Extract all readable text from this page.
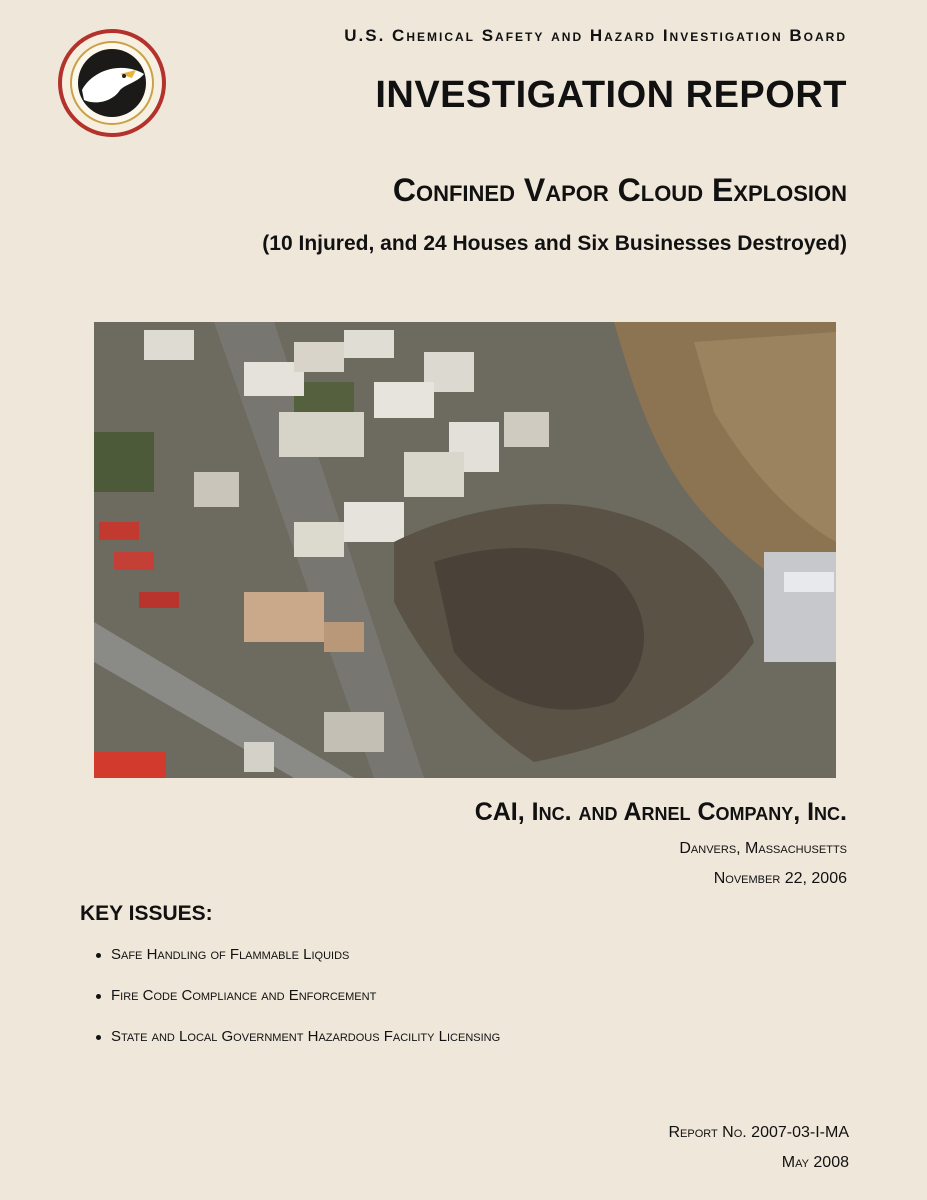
U.S. Chemical Safety and Hazard Investigation Board
INVESTIGATION REPORT
Confined Vapor Cloud Explosion
(10 Injured, and 24 Houses and Six Businesses Destroyed)
CAI, Inc. and Arnel Company, Inc.
Danvers, Massachusetts
November 22, 2006
KEY ISSUES:
Safe Handling of Flammable Liquids
Fire Code Compliance and Enforcement
State and Local Government Hazardous Facility Licensing
Report No. 2007-03-I-MA
May 2008
